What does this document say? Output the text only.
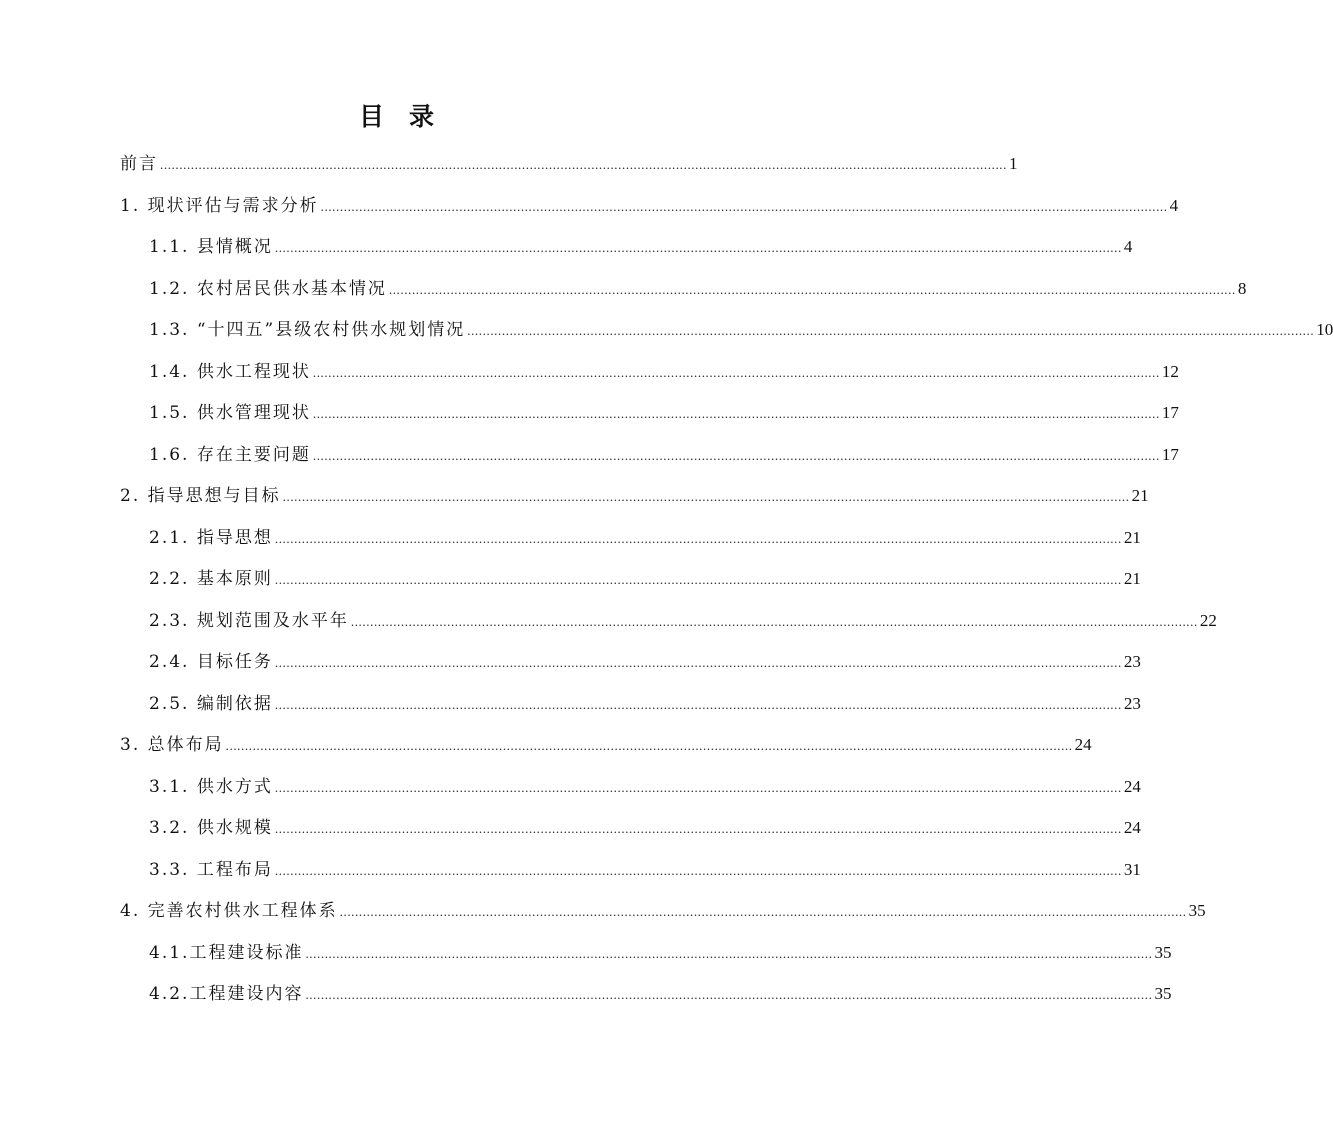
目　录
前言 ............................................................................................................................................................................................................................ 1
1. 现状评估与需求分析 ............................................................................................................................................................................................................................ 4
1.1. 县情概况 ............................................................................................................................................................................................................................ 4
1.2. 农村居民供水基本情况 ............................................................................................................................................................................................................................ 8
1.3. “十四五”县级农村供水规划情况 ............................................................................................................................................................................................................................ 10
1.4. 供水工程现状 ............................................................................................................................................................................................................................ 12
1.5. 供水管理现状 ............................................................................................................................................................................................................................ 17
1.6. 存在主要问题 ............................................................................................................................................................................................................................ 17
2. 指导思想与目标 ............................................................................................................................................................................................................................ 21
2.1. 指导思想 ............................................................................................................................................................................................................................ 21
2.2. 基本原则 ............................................................................................................................................................................................................................ 21
2.3. 规划范围及水平年 ............................................................................................................................................................................................................................ 22
2.4. 目标任务 ............................................................................................................................................................................................................................ 23
2.5. 编制依据 ............................................................................................................................................................................................................................ 23
3. 总体布局 ............................................................................................................................................................................................................................ 24
3.1. 供水方式 ............................................................................................................................................................................................................................ 24
3.2. 供水规模 ............................................................................................................................................................................................................................ 24
3.3. 工程布局 ............................................................................................................................................................................................................................ 31
4. 完善农村供水工程体系 ............................................................................................................................................................................................................................ 35
4.1.工程建设标准 ............................................................................................................................................................................................................................ 35
4.2.工程建设内容 ............................................................................................................................................................................................................................ 35
